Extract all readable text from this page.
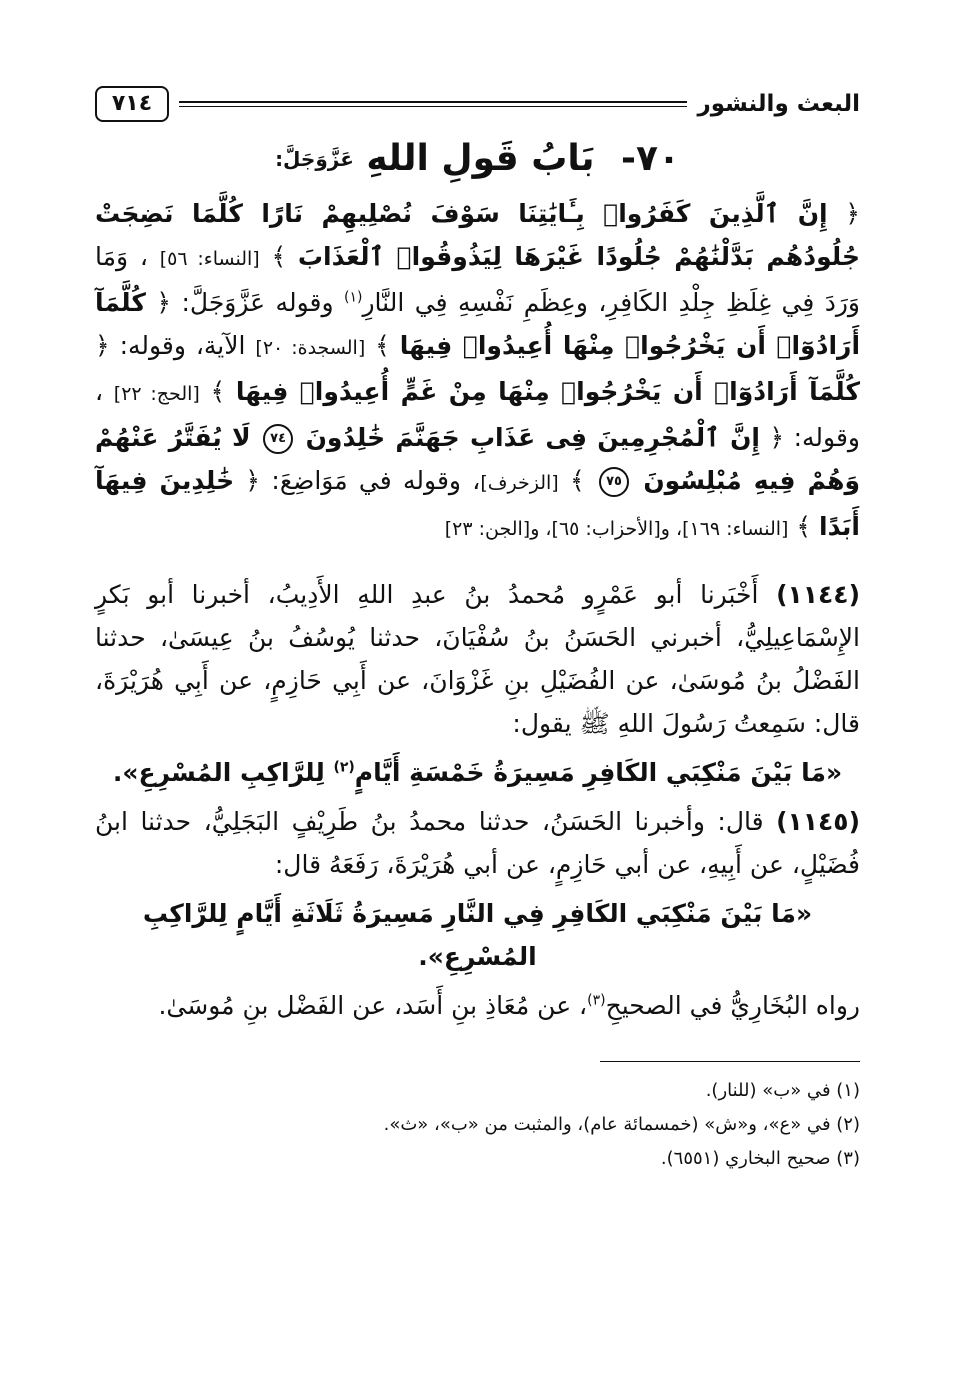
البعث والنشور
٧١٤
٧٠- بَابُ قَولِ اللهِ $^{عَزَّوَجَلَّ:}$

﴿ إِنَّ ٱلَّذِينَ كَفَرُوا۟ بِـَٔايَٰتِنَا سَوْفَ نُصْلِيهِمْ نَارًا كُلَّمَا نَضِجَتْ جُلُودُهُم بَدَّلْنَٰهُمْ جُلُودًا غَيْرَهَا لِيَذُوقُوا۟ ٱلْعَذَابَ ﴾ [النساء: ٥٦] ، وَمَا وَرَدَ فِي غِلَظِ جِلْدِ الكَافِرِ، وعِظَمِ نَفْسِهِ فِي النَّارِ$^{(١)}$ وقوله عَزَّوَجَلَّ: ﴿ كُلَّمَآ أَرَادُوٓا۟ أَن يَخْرُجُوا۟ مِنْهَا أُعِيدُوا۟ فِيهَا ﴾ [السجدة: ٢٠] الآية، وقوله: ﴿ كُلَّمَآ أَرَادُوٓا۟ أَن يَخْرُجُوا۟ مِنْهَا مِنْ غَمٍّ أُعِيدُوا۟ فِيهَا ﴾ [الحج: ٢٢] ، وقوله: ﴿ إِنَّ ٱلْمُجْرِمِينَ فِى عَذَابِ جَهَنَّمَ خَٰلِدُونَ ٧٤ لَا يُفَتَّرُ عَنْهُمْ وَهُمْ فِيهِ مُبْلِسُونَ ٧٥ ﴾ [الزخرف]، وقوله في مَوَاضِعَ: ﴿ خَٰلِدِينَ فِيهَآ أَبَدًا ﴾ [النساء: ١٦٩]، و[الأحزاب: ٦٥]، و[الجن: ٢٣]

(١١٤٤) أَخْبَرنا أبو عَمْرٍو مُحمدُ بنُ عبدِ اللهِ الأَدِيبُ، أخبرنا أبو بَكرٍ الإِسْمَاعِيلِيُّ، أخبرني الحَسَنُ بنُ سُفْيَانَ، حدثنا يُوسُفُ بنُ عِيسَىٰ، حدثنا الفَضْلُ بنُ مُوسَىٰ، عن الفُضَيْلِ بنِ غَزْوَانَ، عن أَبِي حَازِمٍ، عن أَبِي هُرَيْرَةَ، قال: سَمِعتُ رَسُولَ اللهِ ﷺ يقول:

«مَا بَيْنَ مَنْكِبَي الكَافِرِ مَسِيرَةُ خَمْسَةِ أَيَّامٍ$^{(٢)}$ لِلرَّاكِبِ المُسْرِعِ».

(١١٤٥) قال: وأخبرنا الحَسَنُ، حدثنا محمدُ بنُ طَرِيْفٍ البَجَلِيُّ، حدثنا ابنُ فُضَيْلٍ، عن أَبِيهِ، عن أبي حَازِمٍ، عن أبي هُرَيْرَةَ، رَفَعَهُ قال:

«مَا بَيْنَ مَنْكِبَي الكَافِرِ فِي النَّارِ مَسِيرَةُ ثَلَاثَةِ أَيَّامٍ لِلرَّاكِبِ المُسْرِعِ».

رواه البُخَارِيُّ في الصحيحِ$^{(٣)}$، عن مُعَاذِ بنِ أَسَد، عن الفَضْل بنِ مُوسَىٰ.

(١) في «ب» (للنار).

(٢) في «ع»، و«ش» (خمسمائة عام)، والمثبت من «ب»، «ث».

(٣) صحيح البخاري (٦٥٥١).
